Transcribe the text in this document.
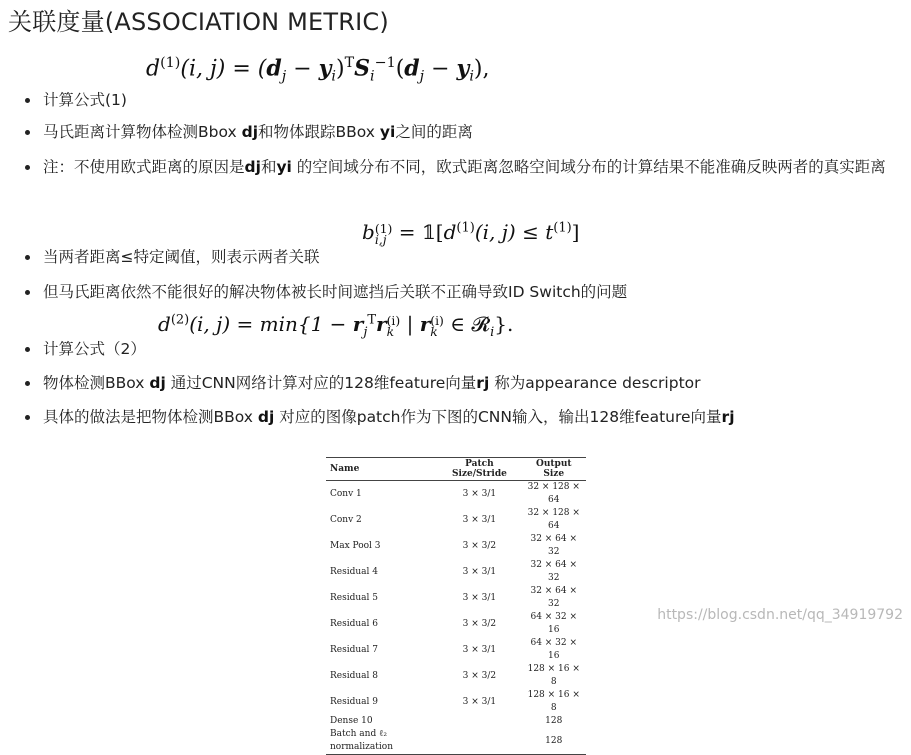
关联度量(ASSOCIATION METRIC)
$d^{(1)}(i$, $j) = (d_j - y_i)^TS_i^{-1}(d_j - y_i)$,
计算公式(1)
马氏距离计算物体检测Bbox dj和物体跟踪BBox yi之间的距离
注：不使用欧式距离的原因是dj和yi 的空间域分布不同，欧式距离忽略空间域分布的计算结果不能准确反映两者的真实距离
b (1)
$i,j = 𝟙[d^{(1)}(i$, $j) \le t^{(1)}$]
当两者距离≤特定阈值，则表示两者关联
但马氏距离依然不能很好的解决物体被长时间遮挡后关联不正确导致ID Switch的问题
$d^{(2)}(i$, $j) = \min\{1 - r_j^Tr$ (i)
k | r (i)
k ∈ 𝓡$_i$}.
计算公式（2）
物体检测BBox dj 通过CNN网络计算对应的128维feature向量rj 称为appearance descriptor
具体的做法是把物体检测BBox dj 对应的图像patch作为下图的CNN输入，输出128维feature向量rj
Name	Patch Size/Stride	Output Size
Conv 1	3 × 3/1	32 × 128 × 64
Conv 2	3 × 3/1	32 × 128 × 64
Max Pool 3	3 × 3/2	32 × 64 × 32
Residual 4	3 × 3/1	32 × 64 × 32
Residual 5	3 × 3/1	32 × 64 × 32
Residual 6	3 × 3/2	64 × 32 × 16
Residual 7	3 × 3/1	64 × 32 × 16
Residual 8	3 × 3/2	128 × 16 × 8
Residual 9	3 × 3/1	128 × 16 × 8
Dense 10		128
Batch and ℓ₂ normalization		128
https://blog.csdn.net/qq_34919792
